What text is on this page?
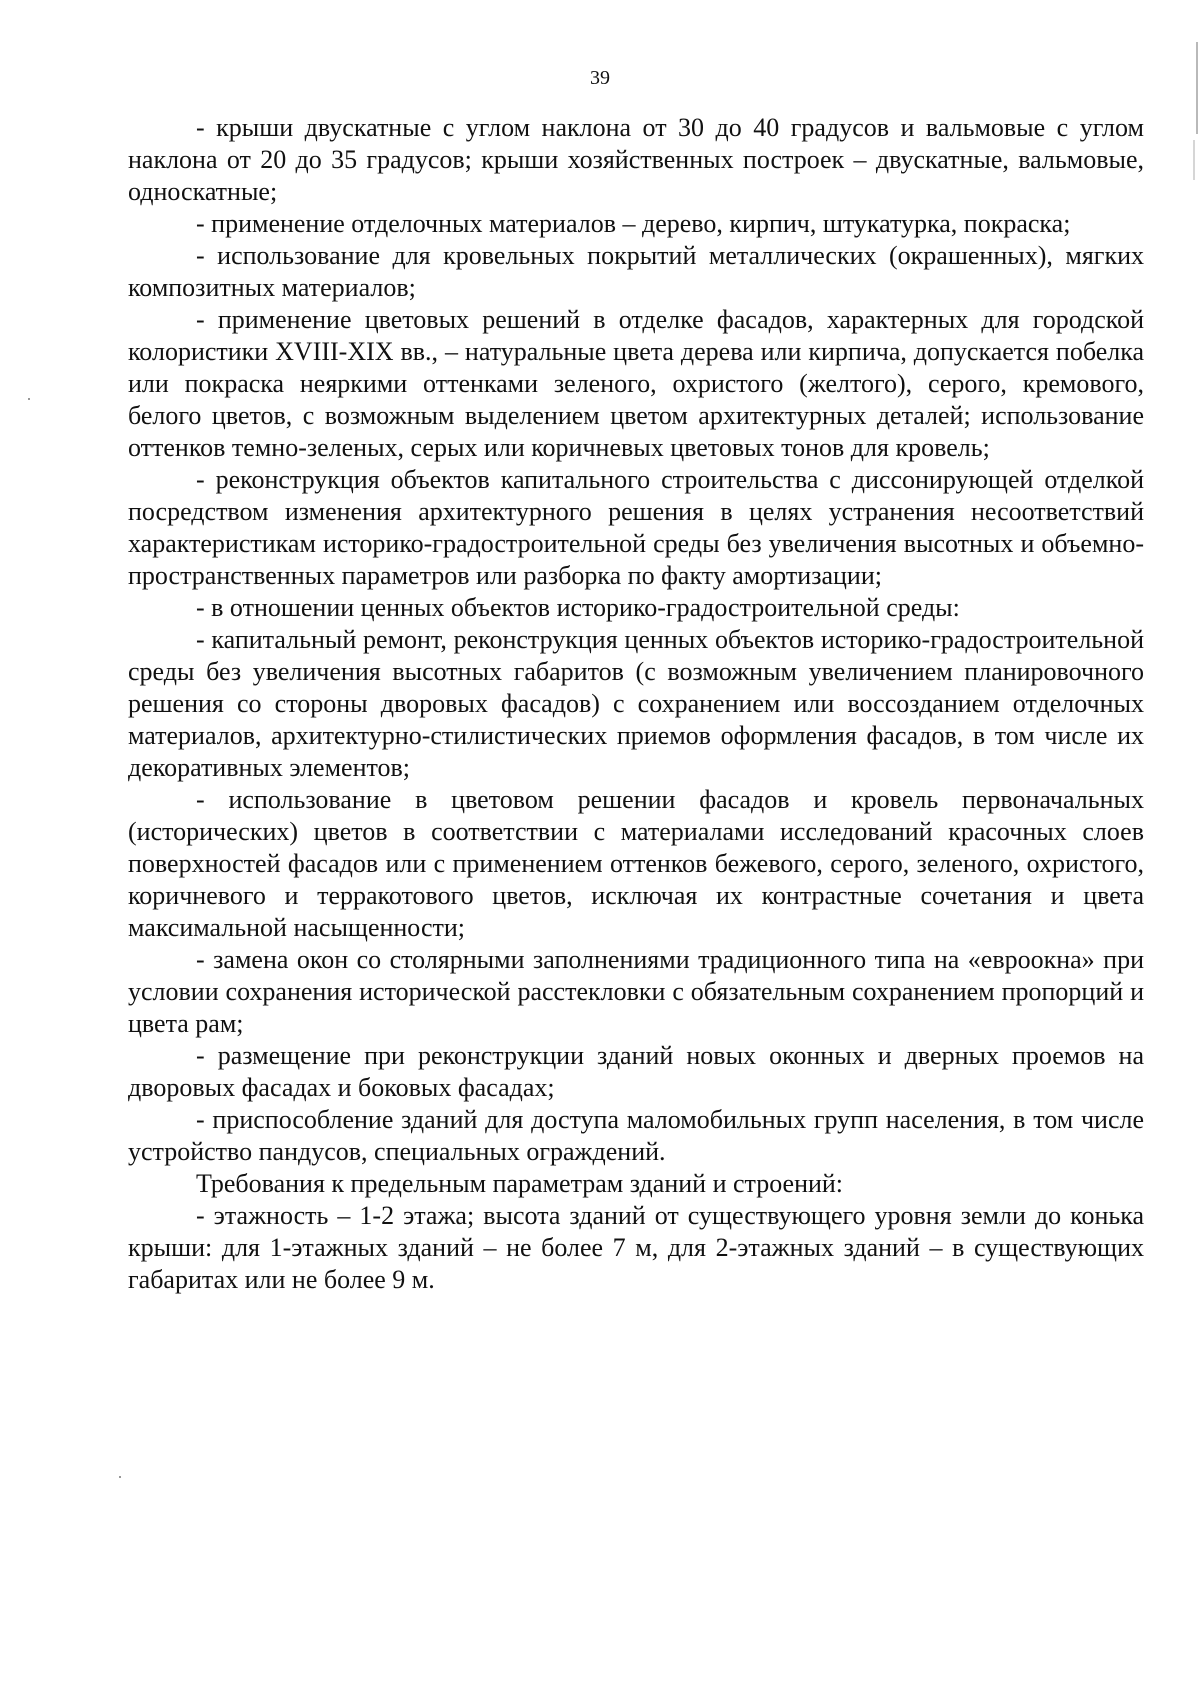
39

- крыши двускатные с углом наклона от 30 до 40 градусов и вальмовые с углом наклона от 20 до 35 градусов; крыши хозяйственных построек – двускатные, вальмовые, односкатные;

- применение отделочных материалов – дерево, кирпич, штукатурка, покраска;

- использование для кровельных покрытий металлических (окрашенных), мягких композитных материалов;

- применение цветовых решений в отделке фасадов, характерных для городской колористики XVIII-XIX вв., – натуральные цвета дерева или кирпича, допускается побелка или покраска неяркими оттенками зеленого, охристого (желтого), серого, кремового, белого цветов, с возможным выделением цветом архитектурных деталей; использование оттенков темно-зеленых, серых или коричневых цветовых тонов для кровель;

- реконструкция объектов капитального строительства с диссонирующей отделкой посредством изменения архитектурного решения в целях устранения несоответствий характеристикам историко-градостроительной среды без увеличения высотных и объемно-пространственных параметров или разборка по факту амортизации;

- в отношении ценных объектов историко-градостроительной среды:

- капитальный ремонт, реконструкция ценных объектов историко-градостроительной среды без увеличения высотных габаритов (с возможным увеличением планировочного решения со стороны дворовых фасадов) с сохранением или воссозданием отделочных материалов, архитектурно-стилистических приемов оформления фасадов, в том числе их декоративных элементов;

- использование в цветовом решении фасадов и кровель первоначальных (исторических) цветов в соответствии с материалами исследований красочных слоев поверхностей фасадов или с применением оттенков бежевого, серого, зеленого, охристого, коричневого и терракотового цветов, исключая их контрастные сочетания и цвета максимальной насыщенности;

- замена окон со столярными заполнениями традиционного типа на «евроокна» при условии сохранения исторической расстекловки с обязательным сохранением пропорций и цвета рам;

- размещение при реконструкции зданий новых оконных и дверных проемов на дворовых фасадах и боковых фасадах;

- приспособление зданий для доступа маломобильных групп населения, в том числе устройство пандусов, специальных ограждений.

Требования к предельным параметрам зданий и строений:

- этажность – 1-2 этажа; высота зданий от существующего уровня земли до конька крыши: для 1-этажных зданий – не более 7 м, для 2-этажных зданий – в существующих габаритах или не более 9 м.
